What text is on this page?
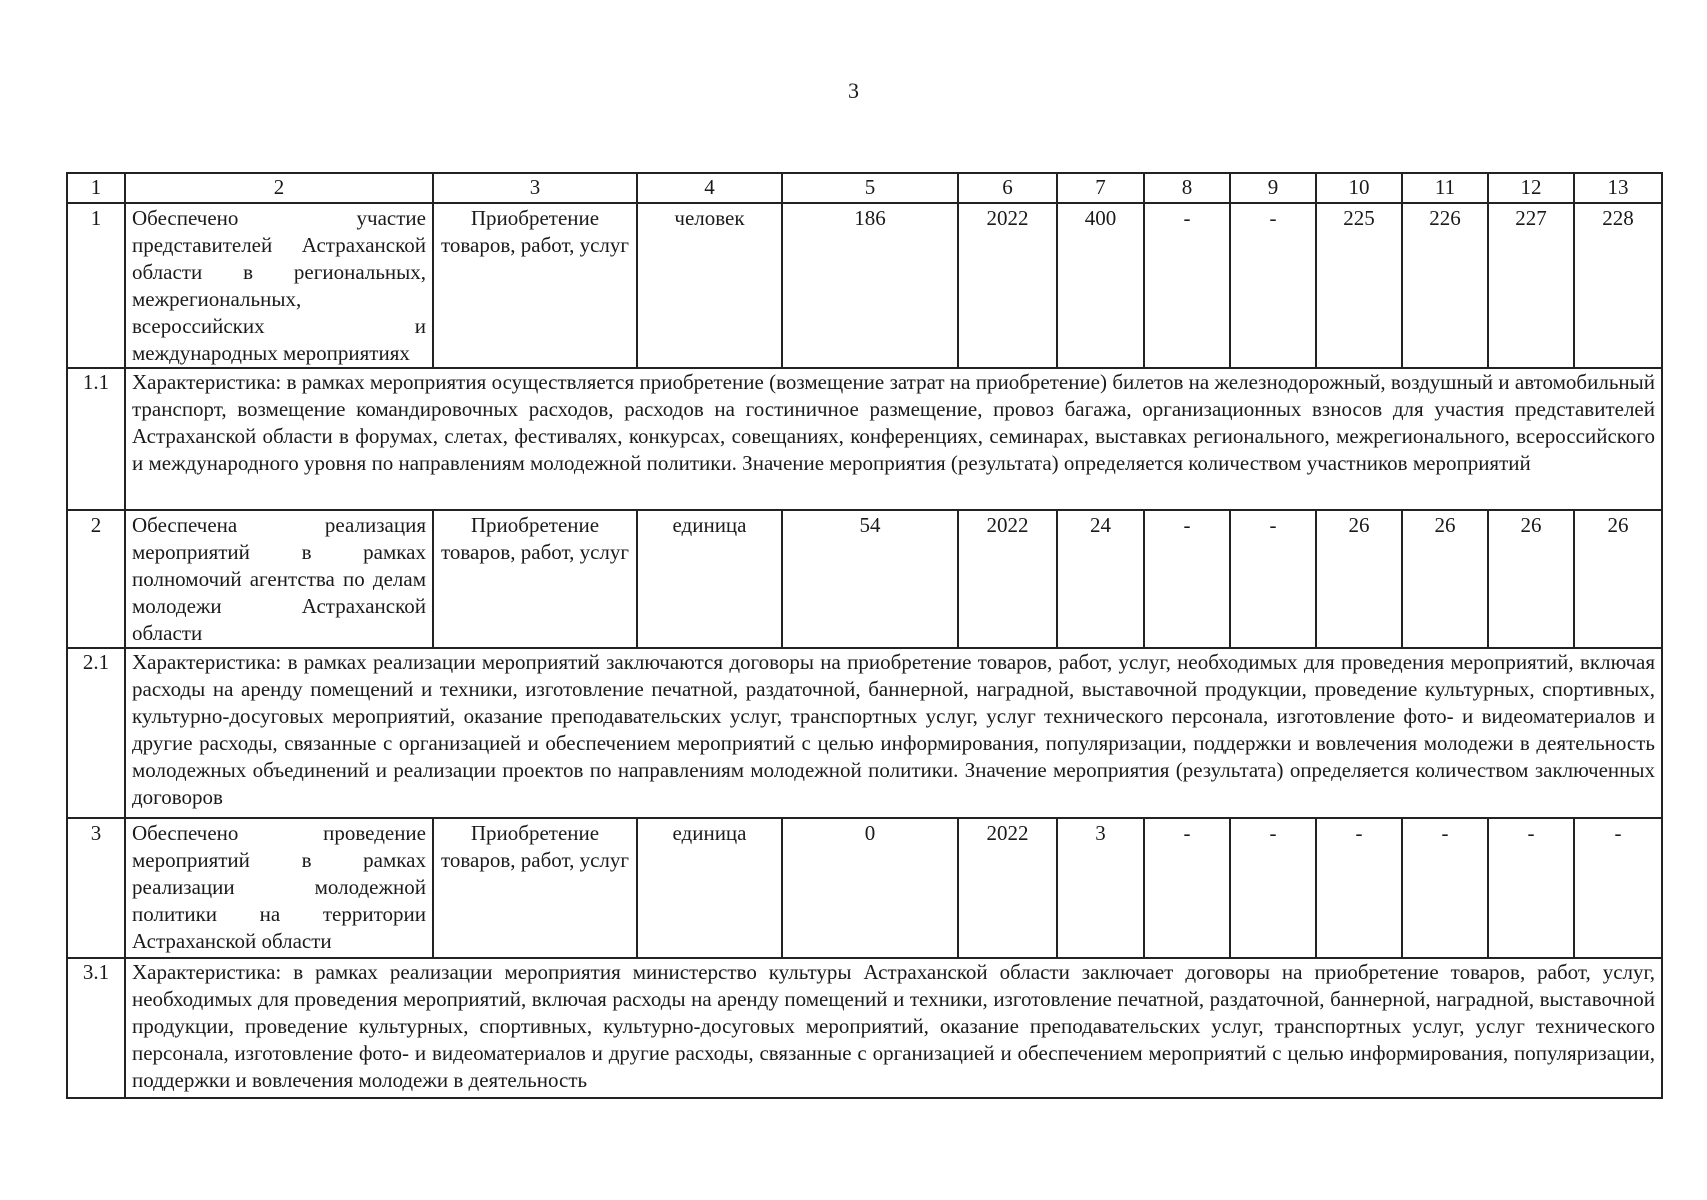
3
1	2	3	4	5	6	7	8	9	10	11	12	13
1	Обеспечено участие представителей Астраханской области в региональных, межрегиональных, всероссийских и международных мероприятиях	Приобретение товаров, работ, услуг	человек	186	2022	400	-	-	225	226	227	228
1.1	Характеристика: в рамках мероприятия осуществляется приобретение (возмещение затрат на приобретение) билетов на железнодорожный, воздушный и автомобильный транспорт, возмещение командировочных расходов, расходов на гостиничное размещение, провоз багажа, организационных взносов для участия представителей Астраханской области в форумах, слетах, фестивалях, конкурсах, совещаниях, конференциях, семинарах, выставках регионального, межрегионального, всероссийского и международного уровня по направлениям молодежной политики. Значение мероприятия (результата) определяется количеством участников мероприятий											
2	Обеспечена реализация мероприятий в рамках полномочий агентства по делам молодежи Астраханской области	Приобретение товаров, работ, услуг	единица	54	2022	24	-	-	26	26	26	26
2.1	Характеристика: в рамках реализации мероприятий заключаются договоры на приобретение товаров, работ, услуг, необходимых для проведения мероприятий, включая расходы на аренду помещений и техники, изготовление печатной, раздаточной, баннерной, наградной, выставочной продукции, проведение культурных, спортивных, культурно-досуговых мероприятий, оказание преподавательских услуг, транспортных услуг, услуг технического персонала, изготовление фото- и видеоматериалов и другие расходы, связанные с организацией и обеспечением мероприятий с целью информирования, популяризации, поддержки и вовлечения молодежи в деятельность молодежных объединений и реализации проектов по направлениям молодежной политики. Значение мероприятия (результата) определяется количеством заключенных договоров											
3	Обеспечено проведение мероприятий в рамках реализации молодежной политики на территории Астраханской области	Приобретение товаров, работ, услуг	единица	0	2022	3	-	-	-	-	-	-
3.1	Характеристика: в рамках реализации мероприятия министерство культуры Астраханской области заключает договоры на приобретение товаров, работ, услуг, необходимых для проведения мероприятий, включая расходы на аренду помещений и техники, изготовление печатной, раздаточной, баннерной, наградной, выставочной продукции, проведение культурных, спортивных, культурно-досуговых мероприятий, оказание преподавательских услуг, транспортных услуг, услуг технического персонала, изготовление фото- и видеоматериалов и другие расходы, связанные с организацией и обеспечением мероприятий с целью информирования, популяризации, поддержки и вовлечения молодежи в деятельность											
